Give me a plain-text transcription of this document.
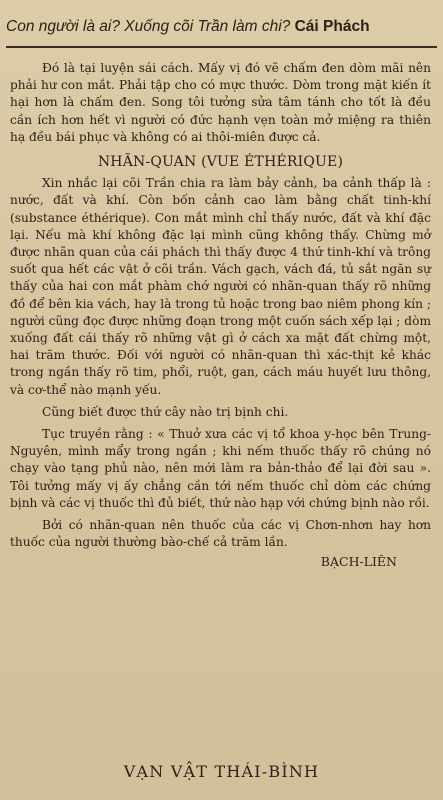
Con người là ai? Xuống cõi Trần làm chi? Cái Phách

Đó là tại luyện sái cách. Mấy vị đó vẽ chấm đen dòm mãi nên phải hư con mắt. Phải tập cho có mực thước. Dòm trong mặt kiến ít hại hơn là chấm đen. Song tôi tưởng sửa tâm tánh cho tốt là đều cần ích hơn hết vì người có đức hạnh vẹn toàn mở miệng ra thiên hạ đều bái phục và không có ai thôi-miên được cả.

NHÃN-QUAN (VUE ÉTHÉRIQUE)

Xin nhắc lại cõi Trần chia ra làm bảy cảnh, ba cảnh thấp là : nước, đất và khí. Còn bốn cảnh cao làm bằng chất tinh-khí (substance éthérique). Con mắt mình chỉ thấy nước, đất và khí đặc lại. Nếu mà khí không đặc lại mình cũng không thấy. Chừng mở được nhãn quan của cái phách thì thấy được 4 thứ tinh-khí và trông suốt qua hết các vật ở cõi trần. Vách gạch, vách đá, tủ sắt ngăn sự thấy của hai con mắt phàm chớ người có nhãn-quan thấy rõ những đồ để bên kia vách, hay là trong tủ hoặc trong bao niêm phong kín ; người cũng đọc được những đoạn trong một cuốn sách xếp lại ; dòm xuống đất cái thấy rõ những vật gì ở cách xa mặt đất chừng một, hai trăm thước. Đối với người có nhãn-quan thì xác-thịt kẻ khác trong ngần thấy rõ tim, phổi, ruột, gan, cách máu huyết lưu thông, và cơ-thể nào mạnh yếu.

Cũng biết được thứ cây nào trị bịnh chi.

Tục truyền rằng : « Thuở xưa các vị tổ khoa y-học bên Trung-Nguyên, mình mẩy trong ngần ; khi nếm thuốc thấy rõ chúng nó chạy vào tạng phủ nào, nên mới làm ra bản-thảo để lại đời sau ». Tôi tưởng mấy vị ấy chẳng cần tới nếm thuốc chỉ dòm các chứng bịnh và các vị thuốc thì đủ biết, thứ nào hạp với chứng bịnh nào rồi.

Bởi có nhãn-quan nên thuốc của các vị Chơn-nhơn hay hơn thuốc của người thường bào-chế cả trăm lần.

BẠCH-LIÊN
VẠN VẬT THÁI-BÌNH
